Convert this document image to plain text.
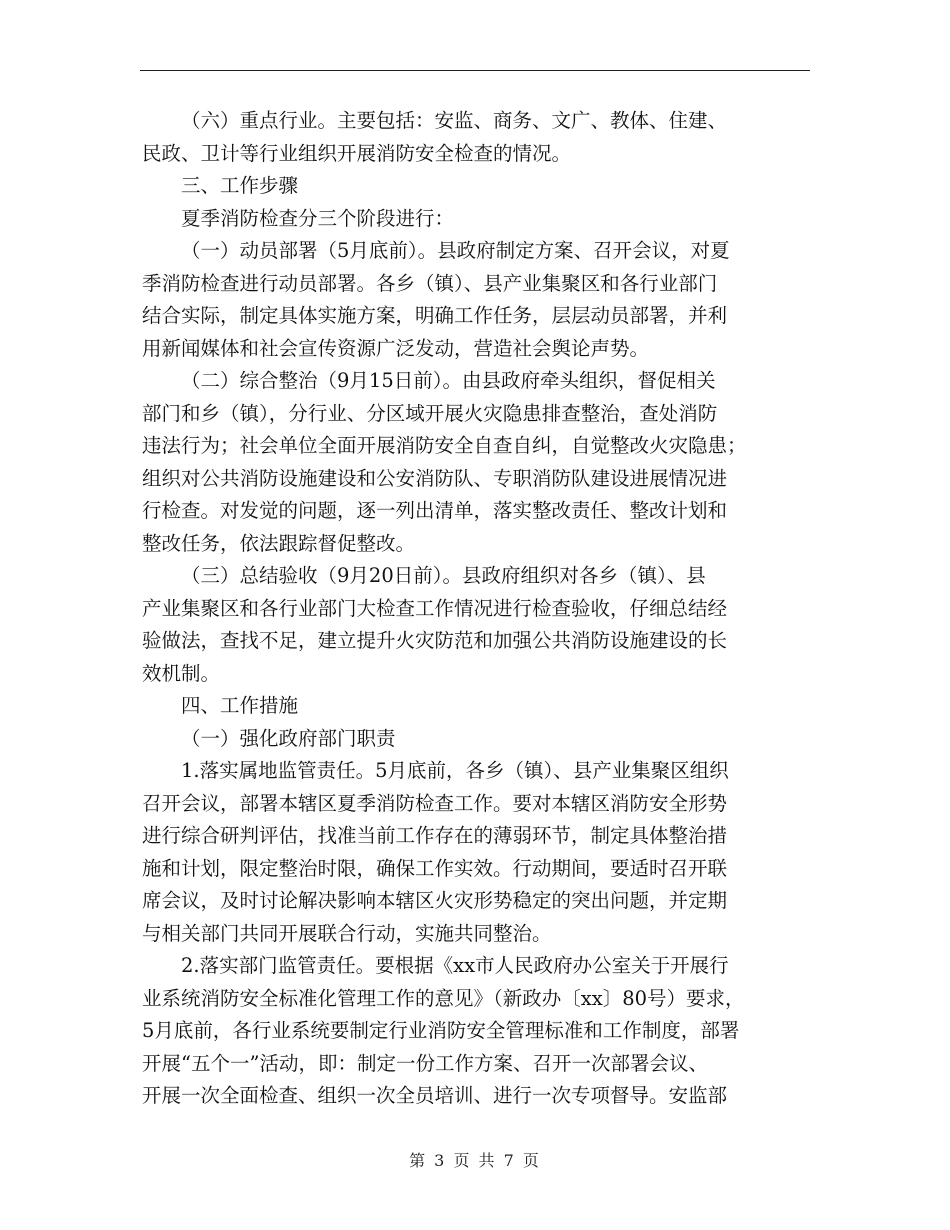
（六）重点行业。主要包括：安监、商务、文广、教体、住建、
民政、卫计等行业组织开展消防安全检查的情况。
三、工作步骤
夏季消防检查分三个阶段进行：
（一）动员部署（5月底前）。县政府制定方案、召开会议，对夏
季消防检查进行动员部署。各乡（镇）、县产业集聚区和各行业部门
结合实际，制定具体实施方案，明确工作任务，层层动员部署，并利
用新闻媒体和社会宣传资源广泛发动，营造社会舆论声势。
（二）综合整治（9月15日前）。由县政府牵头组织，督促相关
部门和乡（镇），分行业、分区域开展火灾隐患排查整治，查处消防
违法行为；社会单位全面开展消防安全自查自纠，自觉整改火灾隐患；
组织对公共消防设施建设和公安消防队、专职消防队建设进展情况进
行检查。对发觉的问题，逐一列出清单，落实整改责任、整改计划和
整改任务，依法跟踪督促整改。
（三）总结验收（9月20日前）。县政府组织对各乡（镇）、县
产业集聚区和各行业部门大检查工作情况进行检查验收，仔细总结经
验做法，查找不足，建立提升火灾防范和加强公共消防设施建设的长
效机制。
四、工作措施
（一）强化政府部门职责
1.落实属地监管责任。5月底前，各乡（镇）、县产业集聚区组织
召开会议，部署本辖区夏季消防检查工作。要对本辖区消防安全形势
进行综合研判评估，找准当前工作存在的薄弱环节，制定具体整治措
施和计划，限定整治时限，确保工作实效。行动期间，要适时召开联
席会议，及时讨论解决影响本辖区火灾形势稳定的突出问题，并定期
与相关部门共同开展联合行动，实施共同整治。
2.落实部门监管责任。要根据《xx市人民政府办公室关于开展行
业系统消防安全标准化管理工作的意见》（新政办〔xx〕80号）要求，
5月底前，各行业系统要制定行业消防安全管理标准和工作制度，部署
开展“五个一”活动，即：制定一份工作方案、召开一次部署会议、
开展一次全面检查、组织一次全员培训、进行一次专项督导。安监部
第 3 页 共 7 页
